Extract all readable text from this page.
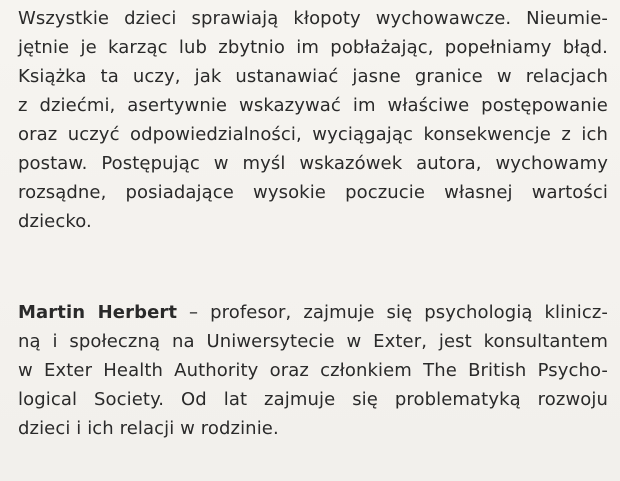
Wszystkie dzieci sprawiają kłopoty wychowawcze. Nieumie-
jętnie je karząc lub zbytnio im pobłażając, popełniamy błąd.
Książka ta uczy, jak ustanawiać jasne granice w relacjach
z dziećmi, asertywnie wskazywać im właściwe postępowanie
oraz uczyć odpowiedzialności, wyciągając konsekwencje z ich
postaw. Postępując w myśl wskazówek autora, wychowamy
rozsądne, posiadające wysokie poczucie własnej wartości
dziecko.
Martin Herbert – profesor, zajmuje się psychologią klinicz-
ną i społeczną na Uniwersytecie w Exter, jest konsultantem
w Exter Health Authority oraz członkiem The British Psycho-
logical Society. Od lat zajmuje się problematyką rozwoju
dzieci i ich relacji w rodzinie.
